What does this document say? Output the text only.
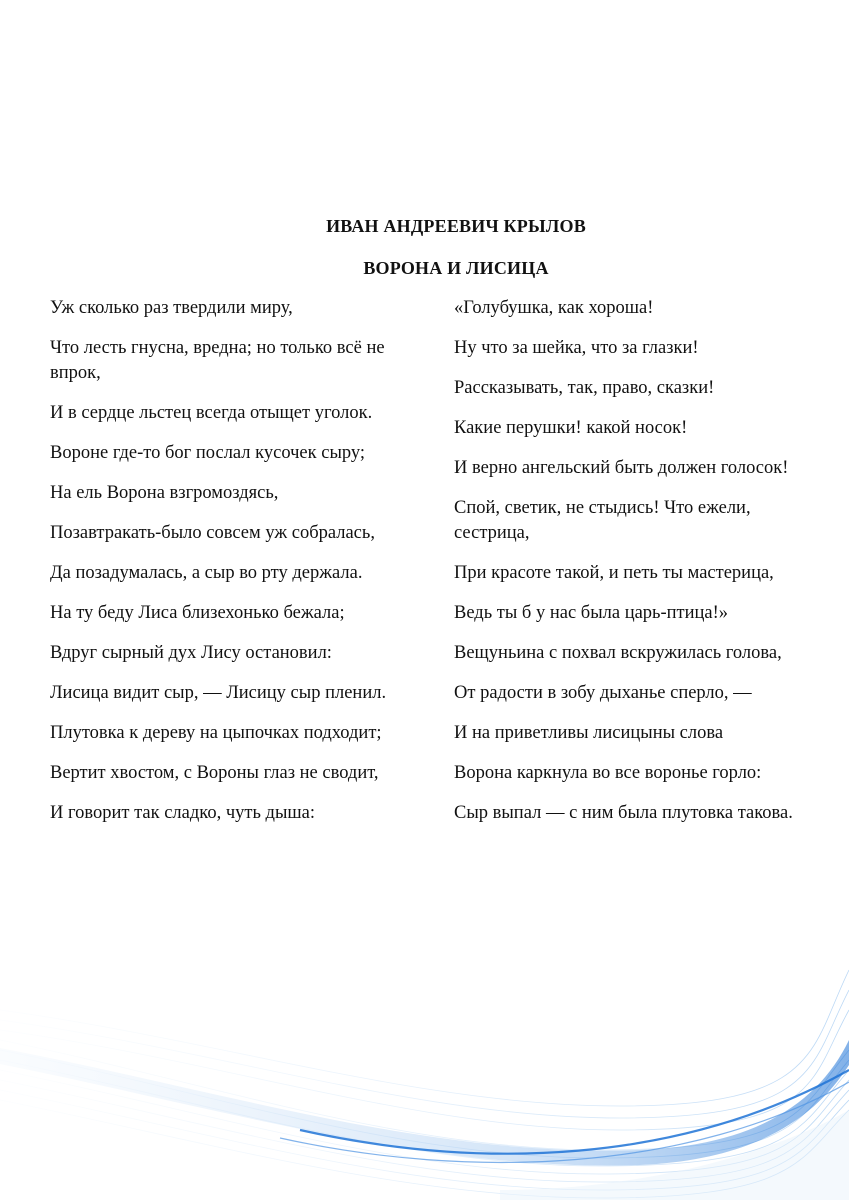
ИВАН АНДРЕЕВИЧ КРЫЛОВ
ВОРОНА И ЛИСИЦА

Уж сколько раз твердили миру,

Что лесть гнусна, вредна; но только всё не впрок,

И в сердце льстец всегда отыщет уголок.

Вороне где-то бог послал кусочек сыру;

На ель Ворона взгромоздясь,

Позавтракать-было совсем уж собралась,

Да позадумалась, а сыр во рту держала.

На ту беду Лиса близехонько бежала;

Вдруг сырный дух Лису остановил:

Лисица видит сыр, — Лисицу сыр пленил.

Плутовка к дереву на цыпочках подходит;

Вертит хвостом, с Вороны глаз не сводит,

И говорит так сладко, чуть дыша:

«Голубушка, как хороша!

Ну что за шейка, что за глазки!

Рассказывать, так, право, сказки!

Какие перушки! какой носок!

И верно ангельский быть должен голосок!

Спой, светик, не стыдись! Что ежели, сестрица,

При красоте такой, и петь ты мастерица,

Ведь ты б у нас была царь-птица!»

Вещуньина с похвал вскружилась голова,

От радости в зобу дыханье сперло, —

И на приветливы лисицыны слова

Ворона каркнула во все воронье горло:

Сыр выпал — с ним была плутовка такова.
